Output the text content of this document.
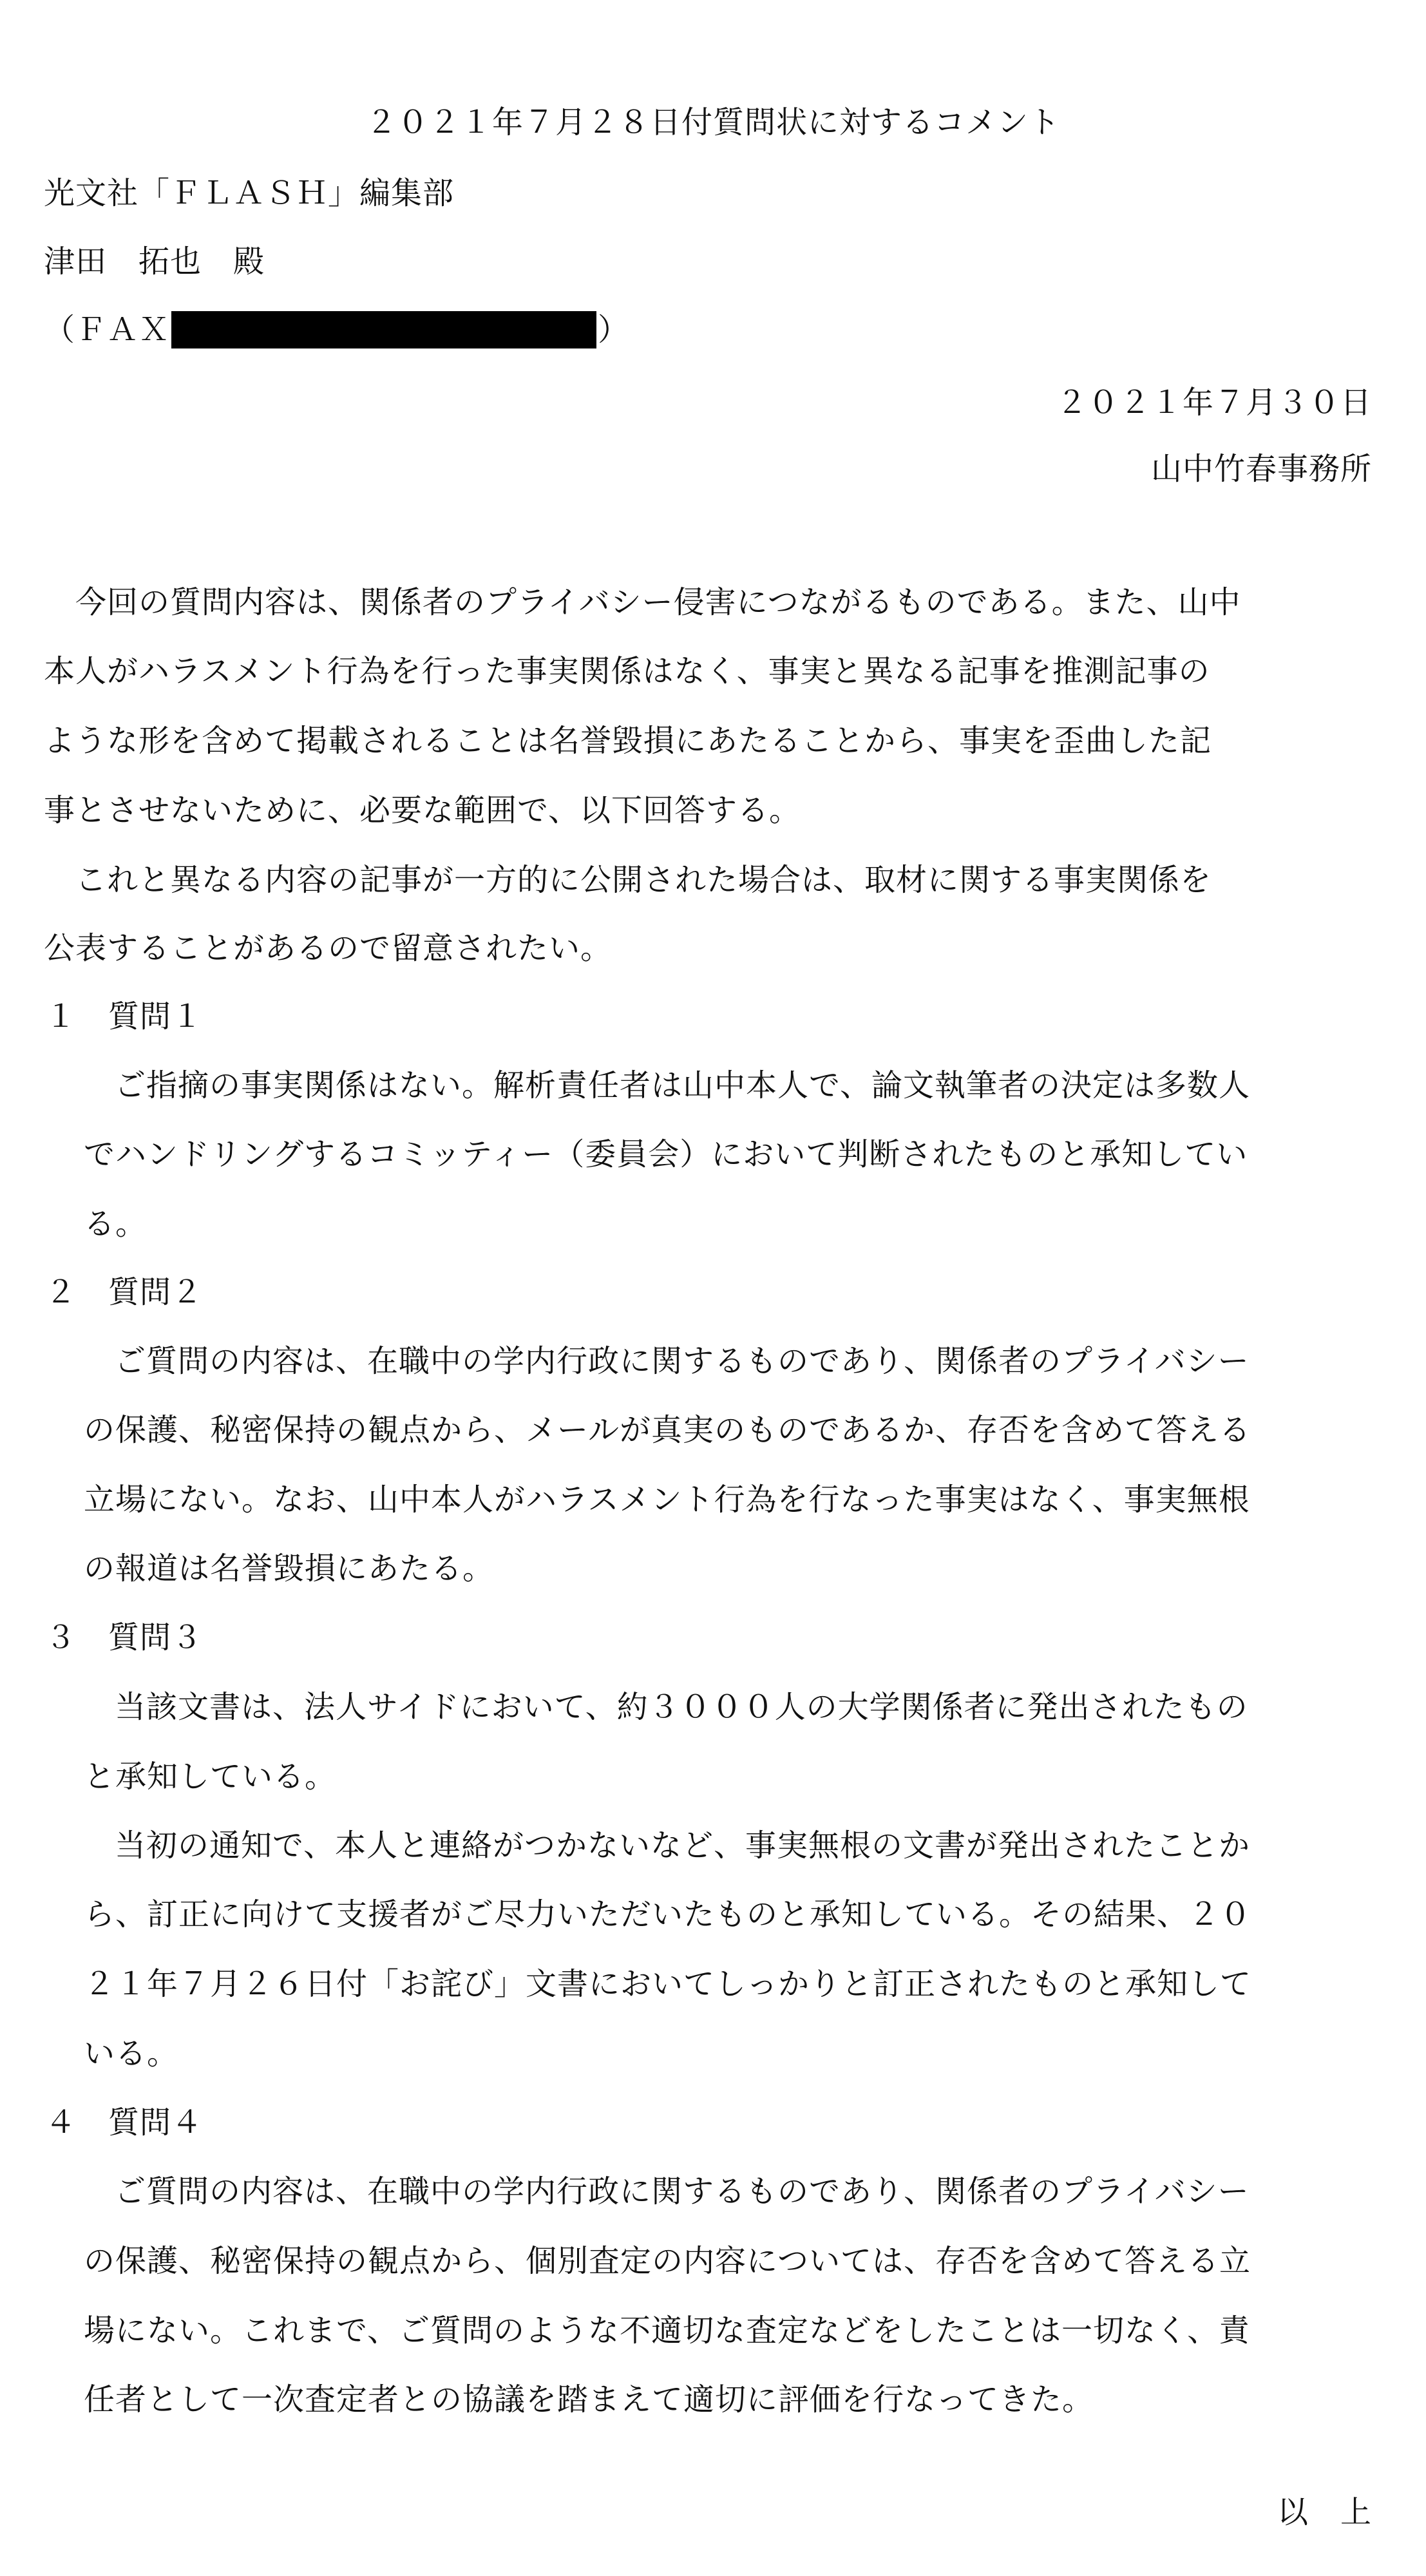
２０２１年７月２８日付質問状に対するコメント
光文社「ＦＬＡＳＨ」編集部
津田　拓也　殿
（ＦＡＸ	）
２０２１年７月３０日
山中竹春事務所
　今回の質問内容は、関係者のプライバシー侵害につながるものである。また、山中
本人がハラスメント行為を行った事実関係はなく、事実と異なる記事を推測記事の
ような形を含めて掲載されることは名誉毀損にあたることから、事実を歪曲した記
事とさせないために、必要な範囲で、以下回答する。
　これと異なる内容の記事が一方的に公開された場合は、取材に関する事実関係を
公表することがあるので留意されたい。
１　質問１
ご指摘の事実関係はない。解析責任者は山中本人で、論文執筆者の決定は多数人
でハンドリングするコミッティー（委員会）において判断されたものと承知してい
る。
２　質問２
ご質問の内容は、在職中の学内行政に関するものであり、関係者のプライバシー
の保護、秘密保持の観点から、メールが真実のものであるか、存否を含めて答える
立場にない。なお、山中本人がハラスメント行為を行なった事実はなく、事実無根
の報道は名誉毀損にあたる。
３　質問３
当該文書は、法人サイドにおいて、約３０００人の大学関係者に発出されたもの
と承知している。
当初の通知で、本人と連絡がつかないなど、事実無根の文書が発出されたことか
ら、訂正に向けて支援者がご尽力いただいたものと承知している。その結果、２０
２１年７月２６日付「お詫び」文書においてしっかりと訂正されたものと承知して
いる。
４　質問４
ご質問の内容は、在職中の学内行政に関するものであり、関係者のプライバシー
の保護、秘密保持の観点から、個別査定の内容については、存否を含めて答える立
場にない。これまで、ご質問のような不適切な査定などをしたことは一切なく、責
任者として一次査定者との協議を踏まえて適切に評価を行なってきた。
以　上
